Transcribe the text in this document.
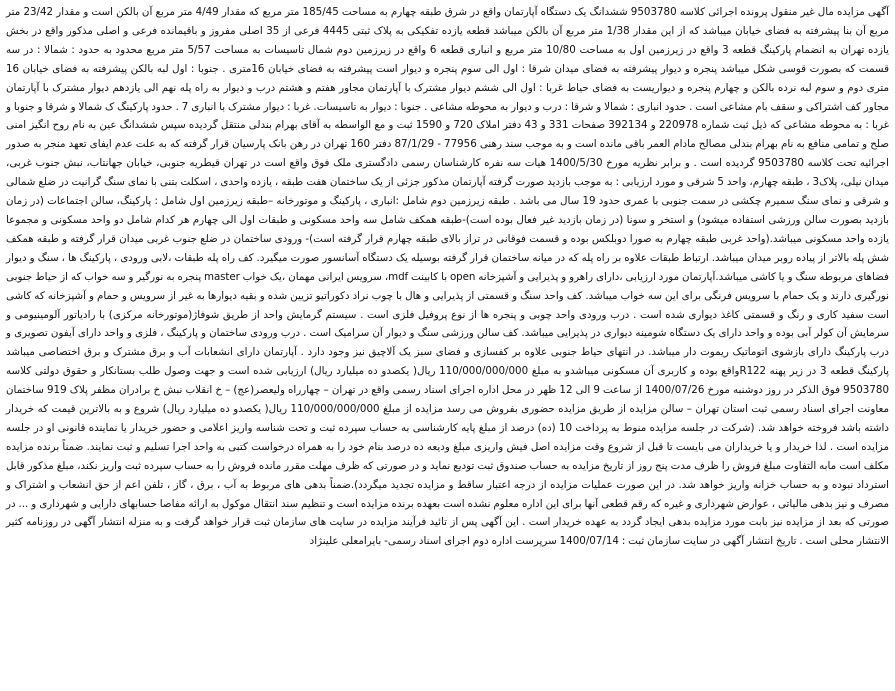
آگهی مزایده مال غیر منقول پرونده اجرائی کلاسه 9503780 ششدانگ یک دستگاه آپارتمان واقع در شرق طبقه چهارم به مساحت 185/45 متر مربع که مقدار 4/49 متر مربع آن بالکن است و مقدار 23/42 متر مربع آن بنا پیشرفته به فضای خیابان میباشد که از این مقدار 1/38 متر مربع آن بالکن میباشد قطعه یازده تفکیکی به پلاک ثبتی 4445 فرعی از 35 اصلی مفروز و باقیمانده فرعی و اصلی مذکور واقع در بخش یازده تهران به انضمام پارکینگ قطعه 3 واقع در زیرزمین اول به مساحت 10/80 متر مربع و انباری قطعه 6 واقع در زیرزمین دوم شمال تاسیسات به مساحت 5/57 متر مربع محدود به حدود : شمالا : در سه قسمت که بصورت قوسی شکل میباشد پنجره و دیوار پیشرفته به فضای میدان شرقا : اول الی سوم پنجره و دیوار است پیشرفته به فضای خیابان 16متری . جنوبا : اول لبه بالکن پیشرفته به فضای خیابان 16 متری دوم و سوم لبه نرده بالکن و چهارم پنجره و دیواریست به فضای حیاط غربا : اول الی ششم دیوار مشترک با آپارتمان مجاور هفتم و هشتم درب و دیوار به راه پله نهم الی یازدهم دیوار مشترک با آپارتمان مجاور کف اشتراکی و سقف بام مشاعی است . حدود انباری : شمالا و شرقا : درب و دیوار به محوطه مشاعی . جنوبا : دیوار به تاسیسات. غربا : دیوار مشترک با انباری 7 . حدود پارکینگ ک شمالا و شرقا و جنوبا و غربا : به محوطه مشاعی که ذیل ثبت شماره 220978 و 392134 صفحات 331 و 43 دفتر املاک 720 و 1590 ثبت و مع الواسطه به آقای بهرام بندلی منتقل گردیده سپس ششدانگ عین به نام روح انگیز امنی صلح و تمامی منافع به نام بهرام بندلی مصالح مادام العمر باقی مانده است و به موجب سند رهنی 77956 - 87/1/29 دفتر 160 تهران در رهن بانک پارسیان قرار گرفته که به علت عدم ایفای تعهد منجر به صدور اجرائیه تحت کلاسه 9503780 گردیده است . و برابر نظریه مورخ 1400/5/30 هیات سه نفره کارشناسان رسمی دادگستری ملک فوق واقع است در تهران قیطریه جنوبی، خیابان جهانتاب، نبش جنوب غربی، میدان نیلی، پلاک3 ، طبقه چهارم، واحد 5 شرقی و مورد ارزیابی : به موجب بازدید صورت گرفته آپارتمان مذکور جزئی از یک ساختمان هفت طبقه ، یازده واحدی ، اسکلت بتنی با نمای سنگ گرانیت در ضلع شمالی و شرقی و نمای سنگ سمیرم چکشی در سمت جنوبی با عمری حدود 19 سال می باشد . طبقه زیرزمین دوم شامل :انباری ، پارکینگ و موتورخانه –طبقه زیرزمین اول شامل : پارکینگ، سالن اجتماعات (در زمان بازدید بصورت سالن ورزشی استفاده میشود) و استخر و سونا (در زمان بازدید غیر فعال بوده است)-طبقه همکف شامل سه واحد مسکونی و طبقات اول الی چهارم هر کدام شامل دو واحد مسکونی و مجموعا یازده واحد مسکونی میباشد.(واحد غربی طبقه چهارم به صورا دوبلکس بوده و قسمت فوقانی در تراز بالای طبقه چهارم قرار گرفته است)- ورودی ساختمان در ضلع جنوب غربی میدان قرار گرفته و طبقه همکف شش پله بالاتر از پیاده روبر میدان میباشد. ارتباط طبقات علاوه بر راه پله که در میانه ساختمان قرار گرفته بوسیله یک دستگاه آسانسور صورت میگیرد. کف راه پله طبقات ،لابی ورودی ، پارکینگ ها ، سنگ و دیوار فضاهای مربوطه سنگ و یا کاشی میباشد.آپارتمان مورد ارزیابی ،دارای راهرو و پذیرایی و آشپزخانه open با کابینت mdf، سرویس ایرانی مهمان ،یک خواب master پنجره به نورگیر و سه خواب که از حیاط جنوبی نورگیری دارند و یک حمام با سرویس فرنگی برای این سه خواب میباشد. کف واحد سنگ و قسمتی از پذیرایی و هال با چوب نراد دکوراتیو تزیین شده و بقیه دیوارها به غیر از سرویس و حمام و آشپزخانه که کاشی است سفید کاری و رنگ و قسمتی کاغذ دیواری شده است . درب ورودی واحد چوبی و پنجره ها از نوع پروفیل فلزی است . سیستم گرمایش واحد از طریق شوفاژ(موتورخانه مرکزی) با رادیاتور آلومینیومی و سرمایش آن کولر آبی بوده و واحد دارای یک دستگاه شومینه دیواری در پذیرایی میباشد. کف سالن ورزشی سنگ و دیوار آن سرامیک است . درب ورودی ساختمان و پارکینگ ، فلزی و واحد دارای آیفون تصویری و درب پارکینگ دارای بازشوی اتوماتیک ریموت دار میباشد. در انتهای حیاط جنوبی علاوه بر کفسازی و فضای سبز یک آلاچیق نیز وجود دارد . آپارتمان دارای انشعابات آب و برق مشترک و برق اختصاصی میباشد پارکینگ قطعه 3 در زیر پهنه R122واقع بوده و کاربری آن مسکونی میباشدو به مبلغ 110/000/000/000 ریال( یکصدو ده میلیارد ریال) ارزیابی شده است و جهت وصول طلب بستانکار و حقوق دولتی کلاسه 9503780 فوق الذکر در روز دوشنبه مورخ 1400/07/26 از ساعت 9 الی 12 ظهر در محل اداره اجرای اسناد رسمی واقع در تهران – چهارراه ولیعصر(عج) – خ انقلاب نبش خ برادران مظفر پلاک 919 ساختمان معاونت اجرای اسناد رسمی ثبت استان تهران – سالن مزایده از طریق مزایده حضوری بفروش می رسد مزایده از مبلغ 110/000/000/000 ریال( یکصدو ده میلیارد ریال) شروع و به بالاترین قیمت که خریدار داشته باشد فروخته خواهد شد. (شرکت در جلسه مزایده منوط به پرداخت 10 (ده) درصد از مبلغ پایه کارشناسی به حساب سپرده ثبت و تحت شناسه واریز اعلامی و حضور خریدار یا نماینده قانونی او در جلسه مزایده است . لذا خریدار و یا خریداران می بایست تا قبل از شروع وقت مزایده اصل فیش واریزی مبلغ ودیعه ده درصد بنام خود را به همراه درخواست کتبی به واحد اجرا تسلیم و ثبت نمایند. ضمناً برنده مزایده مکلف است مابه التفاوت مبلغ فروش را ظرف مدت پنج روز از تاریخ مزایده به حساب صندوق ثبت تودیع نماید و در صورتی که ظرف مهلت مقرر مانده فروش را به حساب سپرده ثبت واریز نکند، مبلغ مذکور قابل استرداد نبوده و به حساب خزانه واریز خواهد شد. در این صورت عملیات مزایده از درجه اعتبار ساقط و مزایده تجدید میگردد).ضمناً بدهی های مربوط به آب ، برق ، گاز ، تلفن اعم از حق انشعاب و اشتراک و مصرف و نیز بدهی مالیاتی ، عوارض شهرداری و غیره که رقم قطعی آنها برای این اداره معلوم نشده است بعهده برنده مزایده است و تنظیم سند انتقال موکول به ارائه مفاصا حسابهای دارایی و شهرداری و ... در صورتی که بعد از مزایده نیز بابت مورد مزایده بدهی ایجاد گردد به عهده خریدار است . این آگهی پس از تائید فرآیند مزایده در سایت های سازمان ثبت قرار خواهد گرفت و به منزله انتشار آگهی در روزنامه کثیر الانتشار محلی است . تاریخ انتشار آگهی در سایت سازمان ثبت : 1400/07/14 سرپرست اداره دوم اجرای اسناد رسمی- بایرامعلی علینژاد
